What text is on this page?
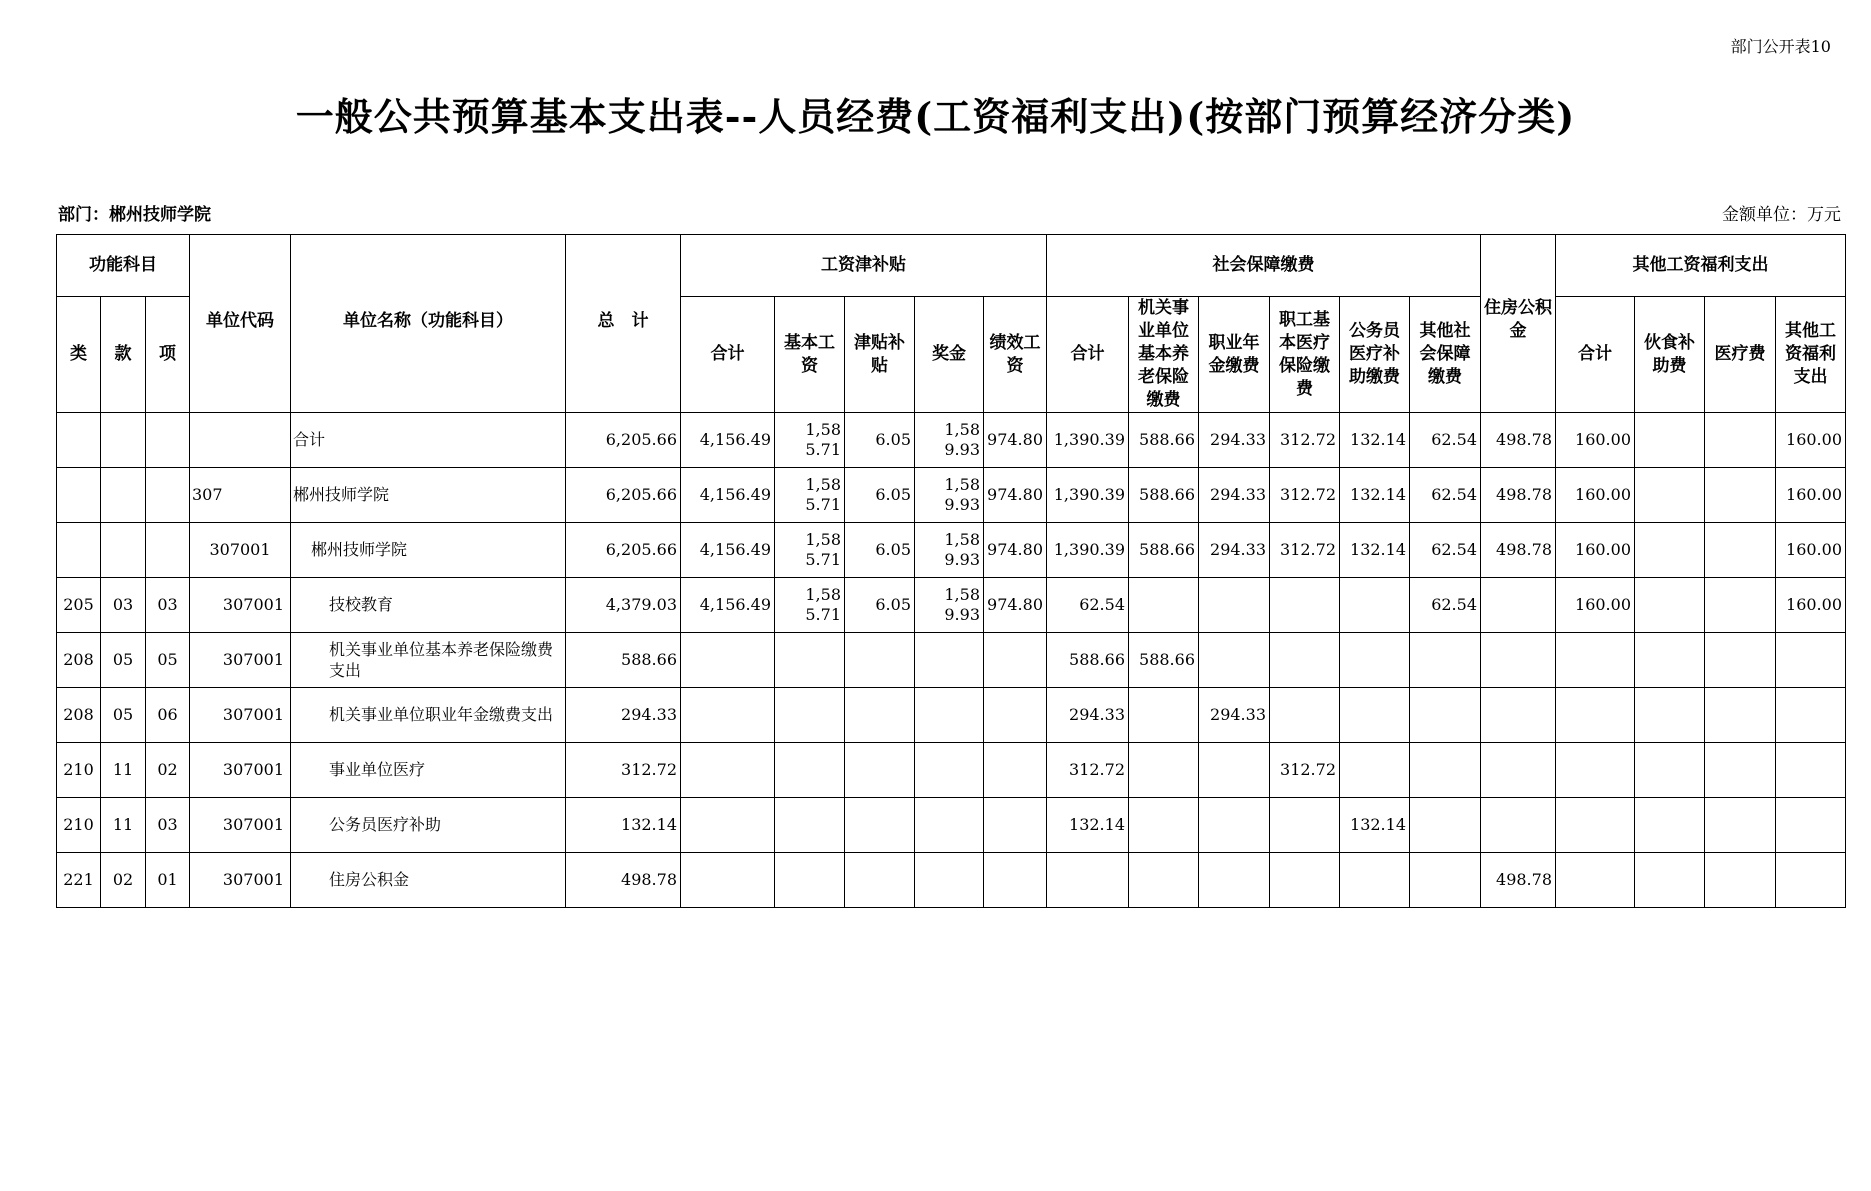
部门公开表10
一般公共预算基本支出表--人员经费(工资福利支出)(按部门预算经济分类)
部门：郴州技师学院	金额单位：万元
功能科目			单位代码	单位名称（功能科目）	总　计	工资津补贴					社会保障缴费						住房公积金	其他工资福利支出			
类	款	项				合计	基本工资	津贴补贴	奖金	绩效工资	合计	机关事业单位基本养老保险缴费	职业年金缴费	职工基本医疗保险缴费	公务员医疗补助缴费	其他社会保障缴费		合计	伙食补助费	医疗费	其他工资福利支出
				合计	6,205.66	4,156.49	1,585.71	6.05	1,589.93	974.80	1,390.39	588.66	294.33	312.72	132.14	62.54	498.78	160.00			160.00
			307	郴州技师学院	6,205.66	4,156.49	1,585.71	6.05	1,589.93	974.80	1,390.39	588.66	294.33	312.72	132.14	62.54	498.78	160.00			160.00
			307001	郴州技师学院	6,205.66	4,156.49	1,585.71	6.05	1,589.93	974.80	1,390.39	588.66	294.33	312.72	132.14	62.54	498.78	160.00			160.00
205	03	03	307001	技校教育	4,379.03	4,156.49	1,585.71	6.05	1,589.93	974.80	62.54					62.54		160.00			160.00
208	05	05	307001	机关事业单位基本养老保险缴费支出	588.66						588.66	588.66									
208	05	06	307001	机关事业单位职业年金缴费支出	294.33						294.33		294.33								
210	11	02	307001	事业单位医疗	312.72						312.72			312.72							
210	11	03	307001	公务员医疗补助	132.14						132.14				132.14						
221	02	01	307001	住房公积金	498.78												498.78				
